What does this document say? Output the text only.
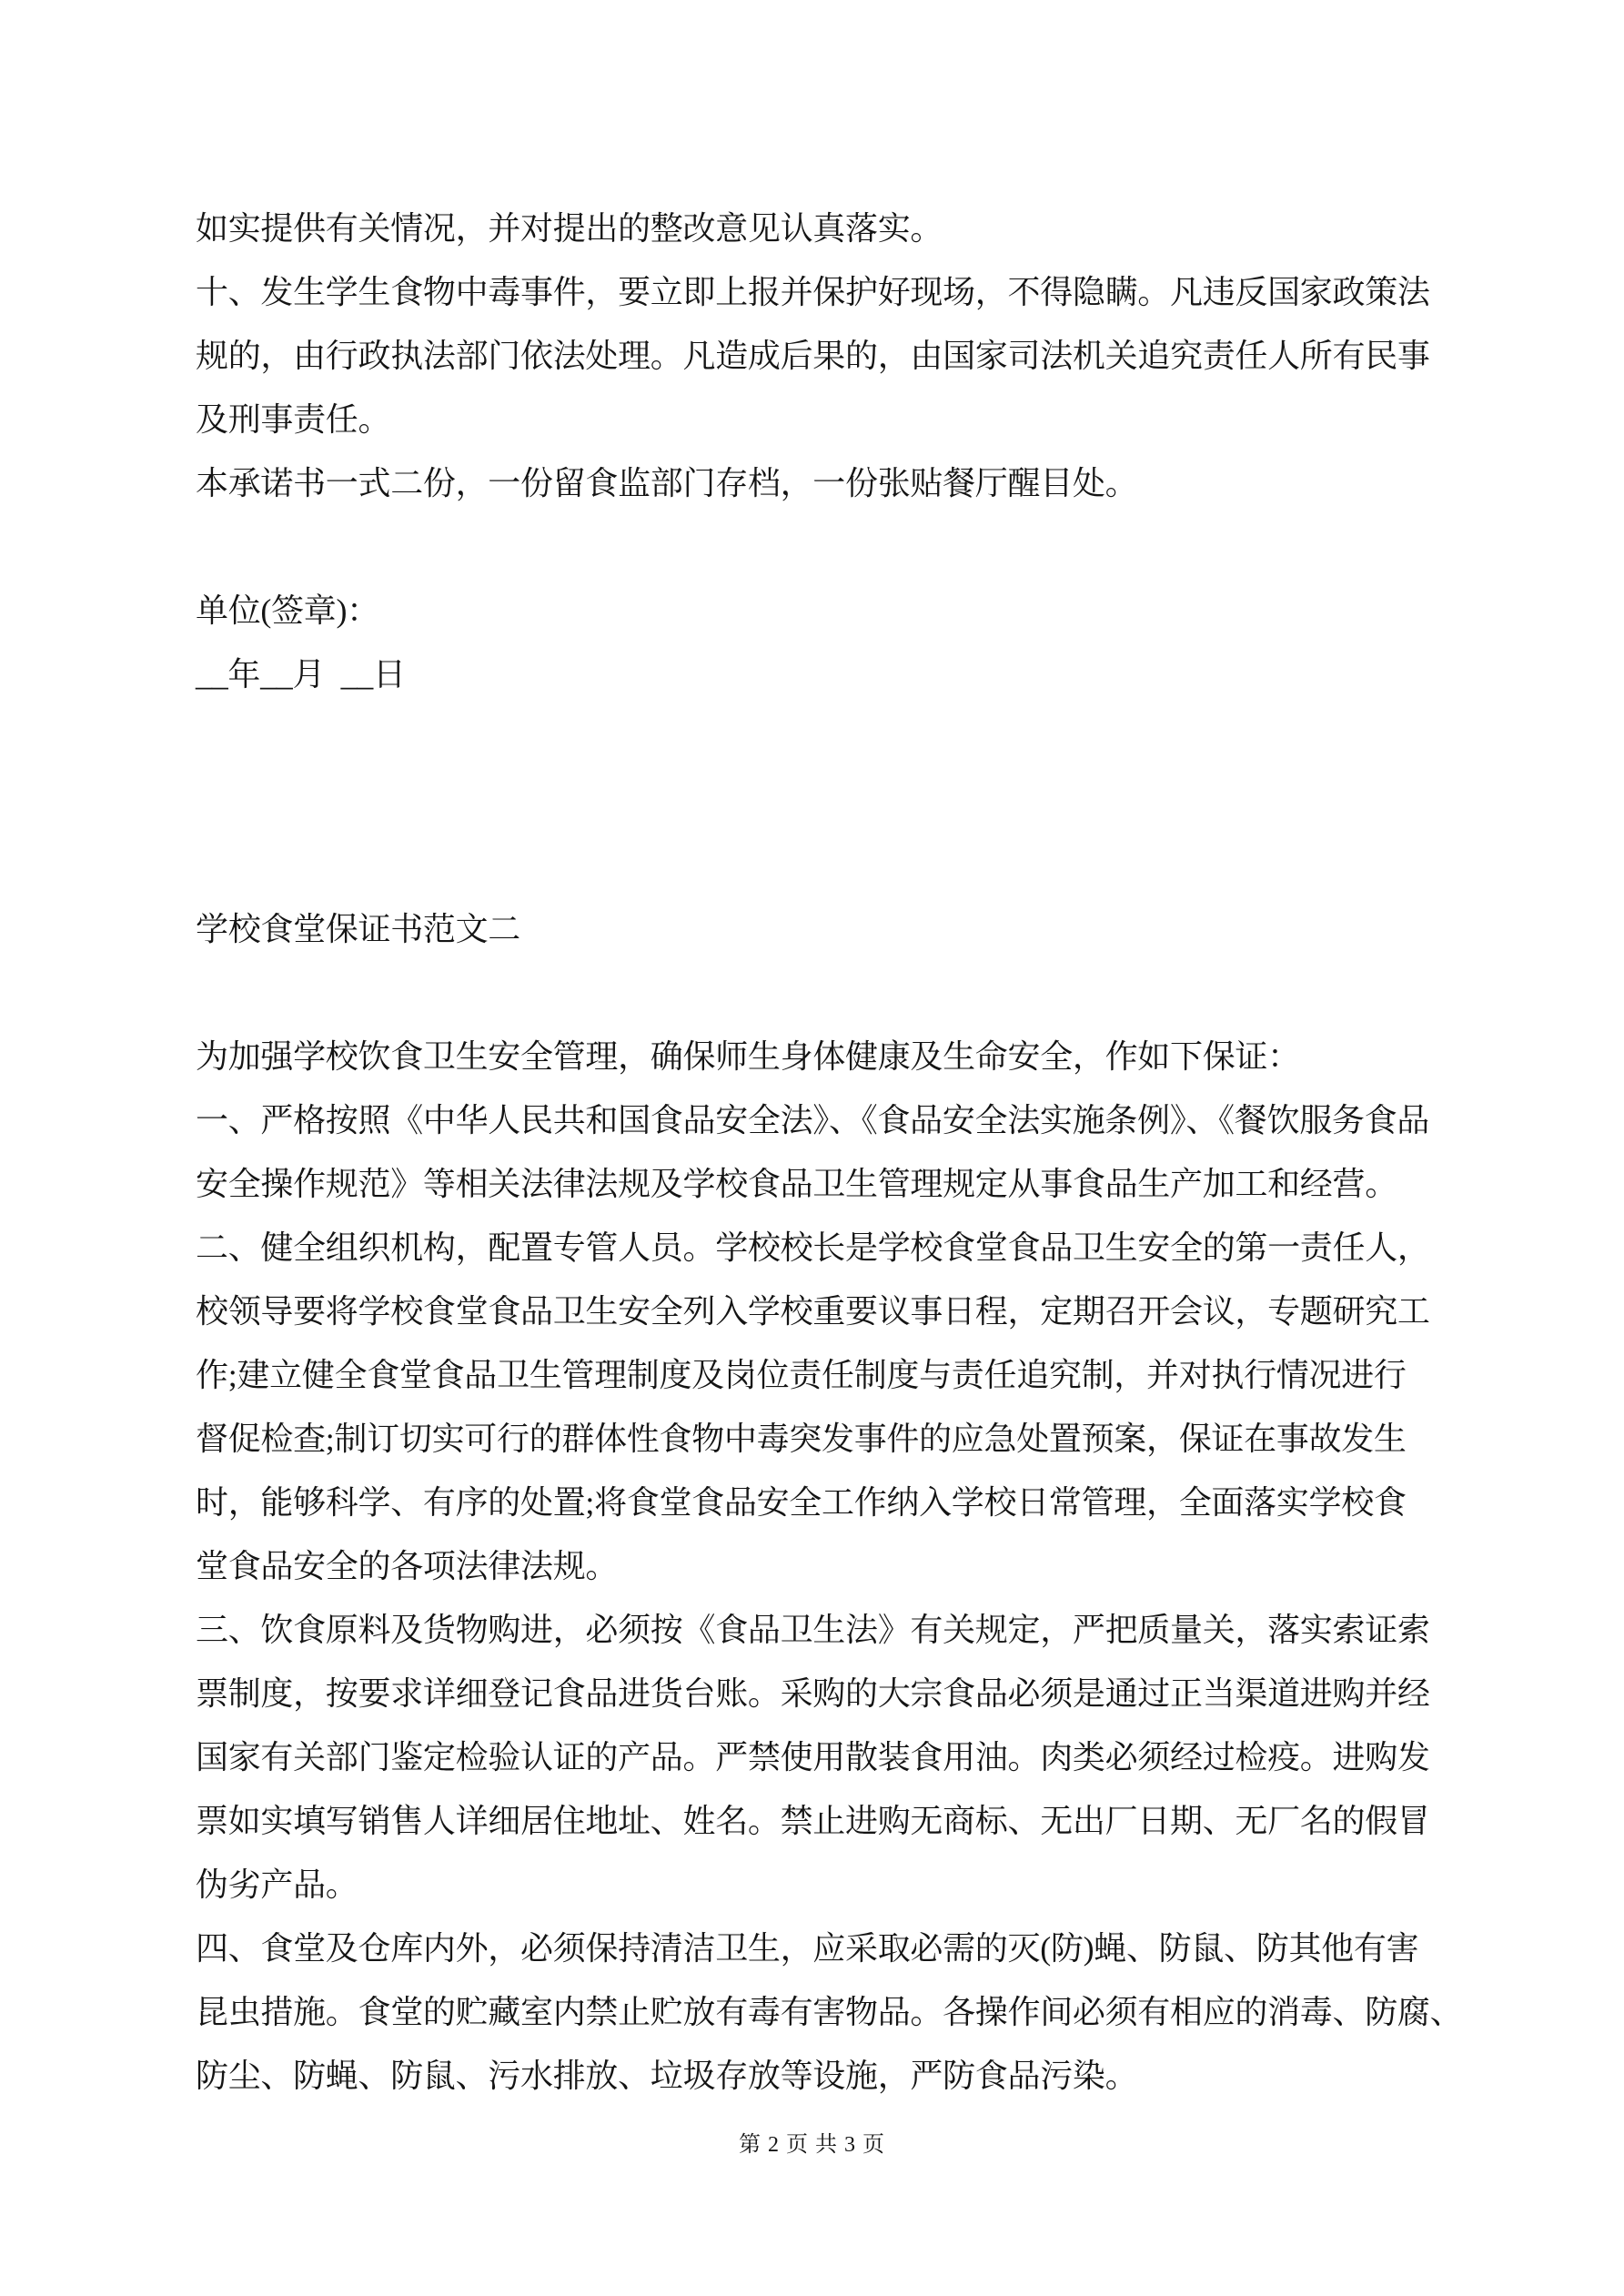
如实提供有关情况，并对提出的整改意见认真落实。
十、发生学生食物中毒事件，要立即上报并保护好现场，不得隐瞒。凡违反国家政策法
规的，由行政执法部门依法处理。凡造成后果的，由国家司法机关追究责任人所有民事
及刑事责任。
本承诺书一式二份，一份留食监部门存档，一份张贴餐厅醒目处。
单位(签章)：
__年__月  __日
学校食堂保证书范文二
为加强学校饮食卫生安全管理，确保师生身体健康及生命安全，作如下保证：
一、严格按照《中华人民共和国食品安全法》、《食品安全法实施条例》、《餐饮服务食品
安全操作规范》等相关法律法规及学校食品卫生管理规定从事食品生产加工和经营。
二、健全组织机构，配置专管人员。学校校长是学校食堂食品卫生安全的第一责任人，
校领导要将学校食堂食品卫生安全列入学校重要议事日程，定期召开会议，专题研究工
作;建立健全食堂食品卫生管理制度及岗位责任制度与责任追究制，并对执行情况进行
督促检查;制订切实可行的群体性食物中毒突发事件的应急处置预案，保证在事故发生
时，能够科学、有序的处置;将食堂食品安全工作纳入学校日常管理，全面落实学校食
堂食品安全的各项法律法规。
三、饮食原料及货物购进，必须按《食品卫生法》有关规定，严把质量关，落实索证索
票制度，按要求详细登记食品进货台账。采购的大宗食品必须是通过正当渠道进购并经
国家有关部门鉴定检验认证的产品。严禁使用散装食用油。肉类必须经过检疫。进购发
票如实填写销售人详细居住地址、姓名。禁止进购无商标、无出厂日期、无厂名的假冒
伪劣产品。
四、食堂及仓库内外，必须保持清洁卫生，应采取必需的灭(防)蝇、防鼠、防其他有害
昆虫措施。食堂的贮藏室内禁止贮放有毒有害物品。各操作间必须有相应的消毒、防腐、
防尘、防蝇、防鼠、污水排放、垃圾存放等设施，严防食品污染。
第 2 页 共 3 页
